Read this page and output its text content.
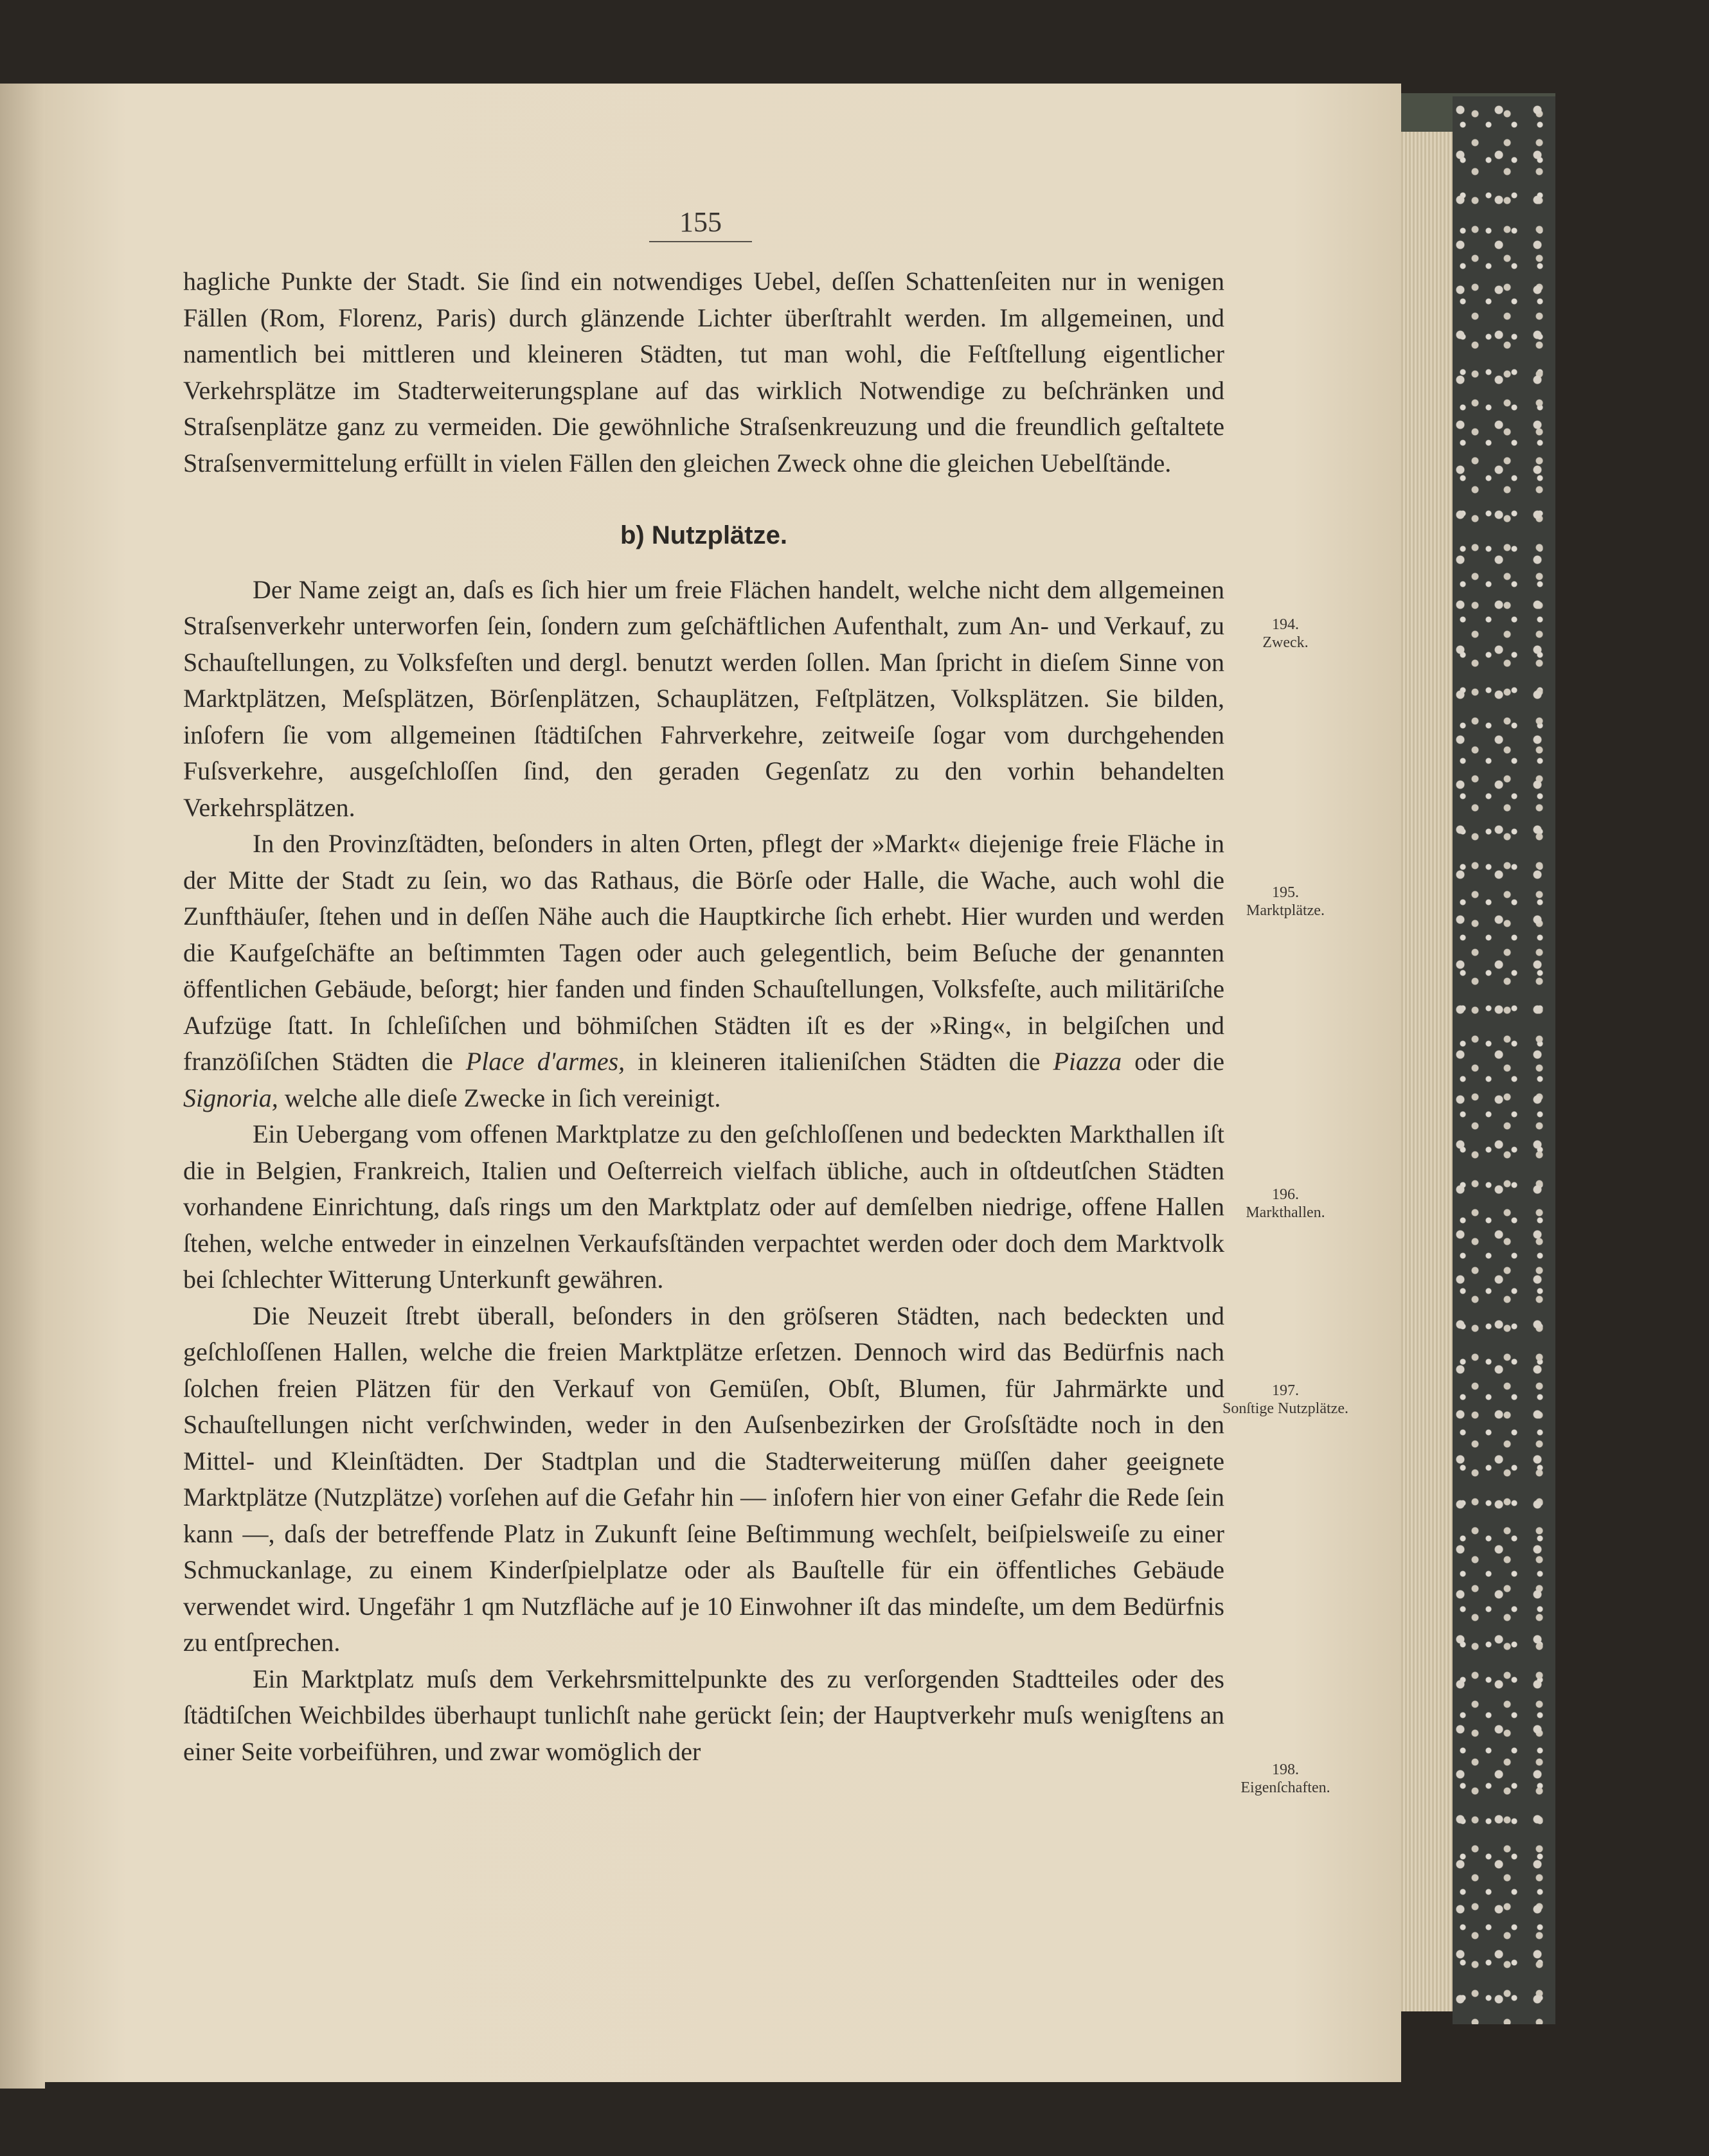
155

hagliche Punkte der Stadt. Sie ſind ein notwendiges Uebel, deſſen Schattenſeiten nur in wenigen Fällen (Rom, Florenz, Paris) durch glänzende Lichter überſtrahlt werden. Im allgemeinen, und namentlich bei mittleren und kleineren Städten, tut man wohl, die Feſtſtellung eigentlicher Verkehrsplätze im Stadterweiterungsplane auf das wirklich Notwendige zu beſchränken und Straſsenplätze ganz zu vermeiden. Die gewöhnliche Straſsenkreuzung und die freundlich geſtaltete Straſsenvermittelung erfüllt in vielen Fällen den gleichen Zweck ohne die gleichen Uebelſtände.

b) Nutzplätze.

Der Name zeigt an, daſs es ſich hier um freie Flächen handelt, welche nicht dem allgemeinen Straſsenverkehr unterworfen ſein, ſondern zum geſchäftlichen Aufenthalt, zum An- und Verkauf, zu Schauſtellungen, zu Volksfeſten und dergl. benutzt werden ſollen. Man ſpricht in dieſem Sinne von Marktplätzen, Meſsplätzen, Börſenplätzen, Schauplätzen, Feſtplätzen, Volksplätzen. Sie bilden, inſofern ſie vom allgemeinen ſtädtiſchen Fahrverkehre, zeitweiſe ſogar vom durchgehenden Fuſsverkehre, ausgeſchloſſen ſind, den geraden Gegenſatz zu den vorhin behandelten Verkehrsplätzen.

In den Provinzſtädten, beſonders in alten Orten, pflegt der »Markt« diejenige freie Fläche in der Mitte der Stadt zu ſein, wo das Rathaus, die Börſe oder Halle, die Wache, auch wohl die Zunfthäuſer, ſtehen und in deſſen Nähe auch die Hauptkirche ſich erhebt. Hier wurden und werden die Kaufgeſchäfte an beſtimmten Tagen oder auch gelegentlich, beim Beſuche der genannten öffentlichen Gebäude, beſorgt; hier fanden und finden Schauſtellungen, Volksfeſte, auch militäriſche Aufzüge ſtatt. In ſchleſiſchen und böhmiſchen Städten iſt es der »Ring«, in belgiſchen und franzöſiſchen Städten die Place d'armes, in kleineren italieniſchen Städten die Piazza oder die Signoria, welche alle dieſe Zwecke in ſich vereinigt.

Ein Uebergang vom offenen Marktplatze zu den geſchloſſenen und bedeckten Markthallen iſt die in Belgien, Frankreich, Italien und Oeſterreich vielfach übliche, auch in oſtdeutſchen Städten vorhandene Einrichtung, daſs rings um den Marktplatz oder auf demſelben niedrige, offene Hallen ſtehen, welche entweder in einzelnen Verkaufsſtänden verpachtet werden oder doch dem Marktvolk bei ſchlechter Witterung Unterkunft gewähren.

Die Neuzeit ſtrebt überall, beſonders in den gröſseren Städten, nach bedeckten und geſchloſſenen Hallen, welche die freien Marktplätze erſetzen. Dennoch wird das Bedürfnis nach ſolchen freien Plätzen für den Verkauf von Gemüſen, Obſt, Blumen, für Jahrmärkte und Schauſtellungen nicht verſchwinden, weder in den Auſsenbezirken der Groſsſtädte noch in den Mittel- und Kleinſtädten. Der Stadtplan und die Stadterweiterung müſſen daher geeignete Marktplätze (Nutzplätze) vorſehen auf die Gefahr hin — inſofern hier von einer Gefahr die Rede ſein kann —, daſs der betreffende Platz in Zukunft ſeine Beſtimmung wechſelt, beiſpielsweiſe zu einer Schmuckanlage, zu einem Kinderſpielplatze oder als Bauſtelle für ein öffentliches Gebäude verwendet wird. Ungefähr 1 qm Nutzfläche auf je 10 Einwohner iſt das mindeſte, um dem Bedürfnis zu entſprechen.

Ein Marktplatz muſs dem Verkehrsmittelpunkte des zu verſorgenden Stadtteiles oder des ſtädtiſchen Weichbildes überhaupt tunlichſt nahe gerückt ſein; der Hauptverkehr muſs wenigſtens an einer Seite vorbeiführen, und zwar womöglich der

194.
Zweck.
195.
Marktplätze.
196.
Markthallen.
197.
Sonſtige Nutzplätze.
198.
Eigenſchaften.
